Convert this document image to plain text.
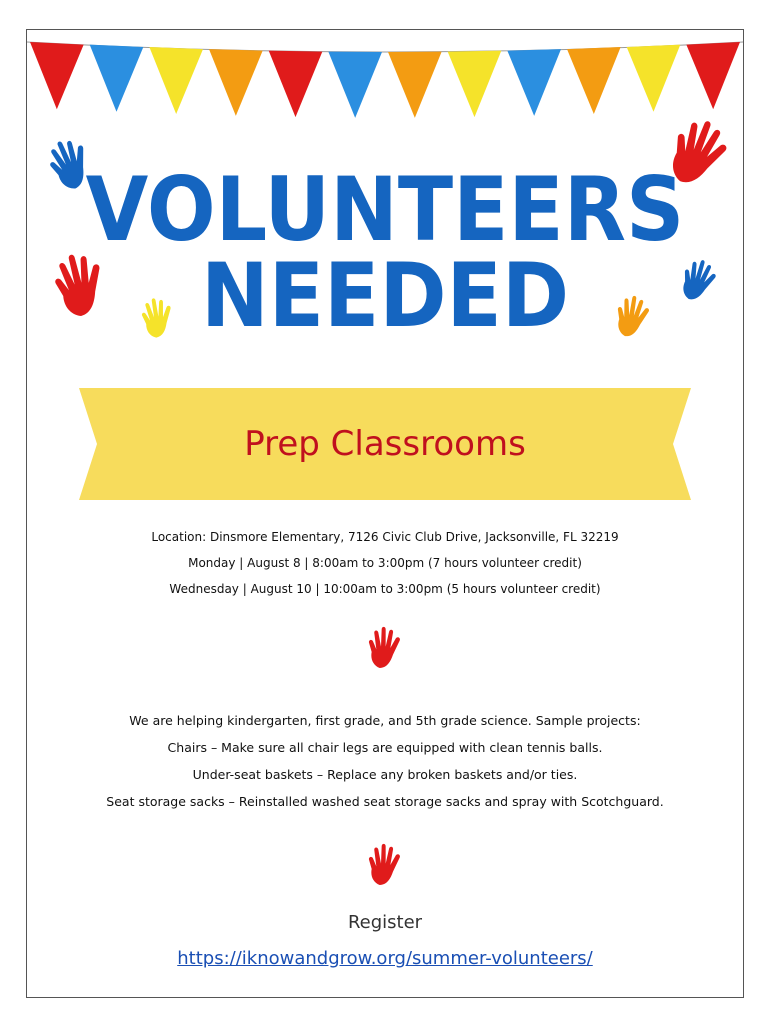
VOLUNTEERS
NEEDED
Prep Classrooms
Location: Dinsmore Elementary, 7126 Civic Club Drive, Jacksonville, FL 32219
Monday | August 8 | 8:00am to 3:00pm (7 hours volunteer credit)
Wednesday | August 10 | 10:00am to 3:00pm (5 hours volunteer credit)
We are helping kindergarten, first grade, and 5th grade science. Sample projects:
Chairs – Make sure all chair legs are equipped with clean tennis balls.
Under-seat baskets – Replace any broken baskets and/or ties.
Seat storage sacks – Reinstalled washed seat storage sacks and spray with Scotchguard.
Register
https://iknowandgrow.org/summer-volunteers/
